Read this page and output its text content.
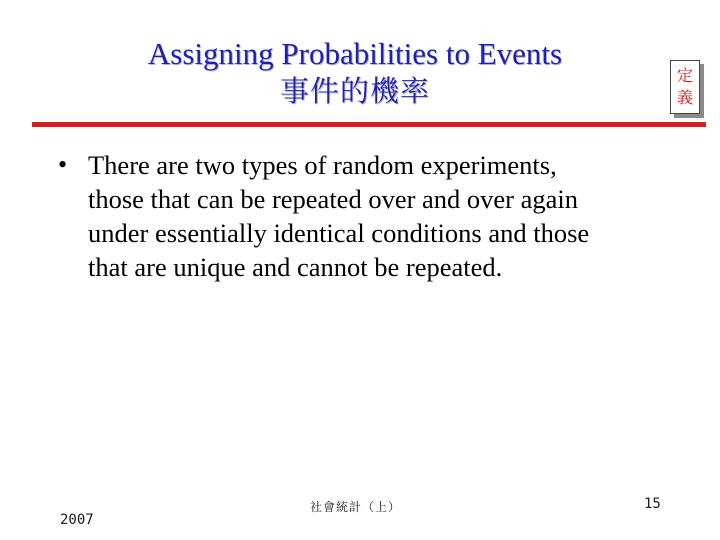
Assigning Probabilities to Events
事件的機率	定
義
• There are two types of random experiments, those that can be repeated over and over again under essentially identical conditions and those that are unique and cannot be repeated.
2007
社會統計（上）	15
